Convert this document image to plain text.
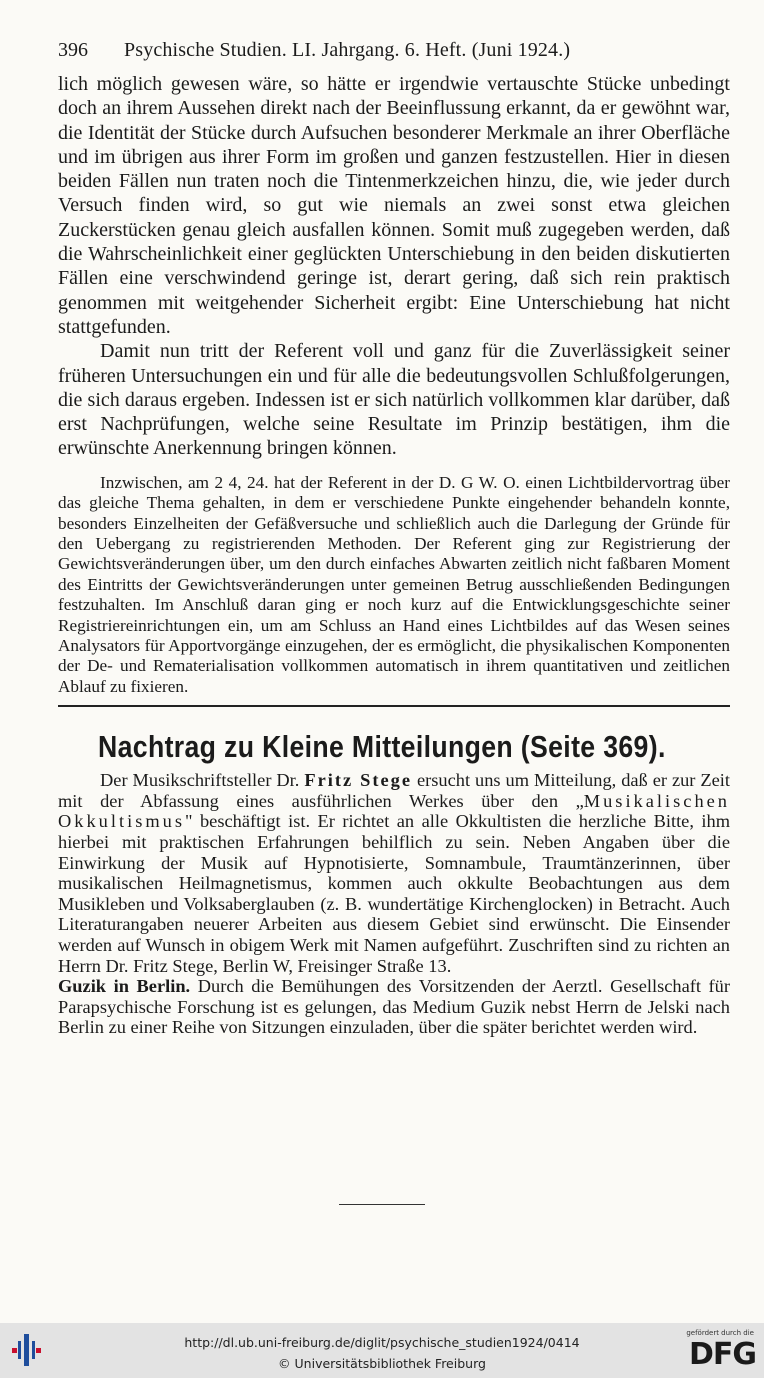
396 Psychische Studien. LI. Jahrgang. 6. Heft. (Juni 1924.)

lich möglich gewesen wäre, so hätte er irgendwie vertauschte Stücke unbedingt doch an ihrem Aussehen direkt nach der Beeinflussung erkannt, da er gewöhnt war, die Identität der Stücke durch Aufsuchen besonderer Merkmale an ihrer Oberfläche und im übrigen aus ihrer Form im großen und ganzen festzustellen. Hier in diesen beiden Fällen nun traten noch die Tintenmerkzeichen hinzu, die, wie jeder durch Versuch finden wird, so gut wie niemals an zwei sonst etwa gleichen Zuckerstücken genau gleich ausfallen können. Somit muß zugegeben werden, daß die Wahrscheinlichkeit einer geglückten Unterschiebung in den beiden diskutierten Fällen eine verschwindend geringe ist, derart gering, daß sich rein praktisch genommen mit weitgehender Sicherheit ergibt: Eine Unterschiebung hat nicht stattgefunden.

Damit nun tritt der Referent voll und ganz für die Zuverlässigkeit seiner früheren Untersuchungen ein und für alle die bedeutungsvollen Schlußfolgerungen, die sich daraus ergeben. Indessen ist er sich natürlich vollkommen klar darüber, daß erst Nachprüfungen, welche seine Resultate im Prinzip bestätigen, ihm die erwünschte Anerkennung bringen können.

Inzwischen, am 2 4, 24. hat der Referent in der D. G W. O. einen Lichtbildervortrag über das gleiche Thema gehalten, in dem er verschiedene Punkte eingehender behandeln konnte, besonders Einzelheiten der Gefäßversuche und schließlich auch die Darlegung der Gründe für den Uebergang zu registrierenden Methoden. Der Referent ging zur Registrierung der Gewichtsveränderungen über, um den durch einfaches Abwarten zeitlich nicht faßbaren Moment des Eintritts der Gewichtsveränderungen unter gemeinen Betrug ausschließenden Bedingungen festzuhalten. Im Anschluß daran ging er noch kurz auf die Entwicklungsgeschichte seiner Registriereinrichtungen ein, um am Schluss an Hand eines Lichtbildes auf das Wesen seines Analysators für Apportvorgänge einzugehen, der es ermöglicht, die physikalischen Komponenten der De- und Rematerialisation vollkommen automatisch in ihrem quantitativen und zeitlichen Ablauf zu fixieren.

Nachtrag zu Kleine Mitteilungen (Seite 369).

Der Musikschriftsteller Dr. Fritz Stege ersucht uns um Mitteilung, daß er zur Zeit mit der Abfassung eines ausführlichen Werkes über den „Musikalischen Okkultismus" beschäftigt ist. Er richtet an alle Okkultisten die herzliche Bitte, ihm hierbei mit praktischen Erfahrungen behilflich zu sein. Neben Angaben über die Einwirkung der Musik auf Hypnotisierte, Somnambule, Traumtänzerinnen, über musikalischen Heilmagnetismus, kommen auch okkulte Beobachtungen aus dem Musikleben und Volksaberglauben (z. B. wundertätige Kirchenglocken) in Betracht. Auch Literaturangaben neuerer Arbeiten aus diesem Gebiet sind erwünscht. Die Einsender werden auf Wunsch in obigem Werk mit Namen aufgeführt. Zuschriften sind zu richten an Herrn Dr. Fritz Stege, Berlin W, Freisinger Straße 13.

Guzik in Berlin. Durch die Bemühungen des Vorsitzenden der Aerztl. Gesellschaft für Parapsychische Forschung ist es gelungen, das Medium Guzik nebst Herrn de Jelski nach Berlin zu einer Reihe von Sitzungen einzuladen, über die später berichtet werden wird.

http://dl.ub.uni-freiburg.de/diglit/psychische_studien1924/0414
© Universitätsbibliothek Freiburg
gefördert durch die
DFG
